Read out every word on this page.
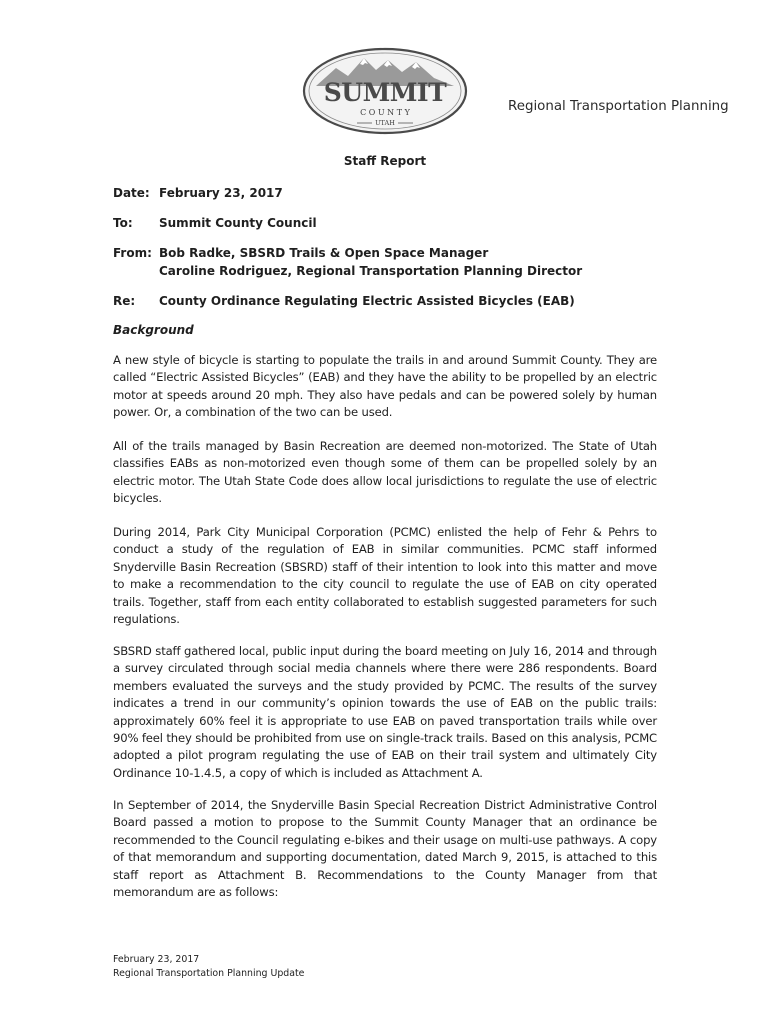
SUMMIT
C O U N T Y
UTAH
Regional Transportation Planning
Staff Report
Date: February 23, 2017
To: Summit County Council
From: Bob Radke, SBSRD Trails & Open Space Manager
Caroline Rodriguez, Regional Transportation Planning Director
Re: County Ordinance Regulating Electric Assisted Bicycles (EAB)
Background

A new style of bicycle is starting to populate the trails in and around Summit County. They are called “Electric Assisted Bicycles” (EAB) and they have the ability to be propelled by an electric motor at speeds around 20 mph. They also have pedals and can be powered solely by human power. Or, a combination of the two can be used.

All of the trails managed by Basin Recreation are deemed non-motorized. The State of Utah classifies EABs as non-motorized even though some of them can be propelled solely by an electric motor. The Utah State Code does allow local jurisdictions to regulate the use of electric bicycles.

During 2014, Park City Municipal Corporation (PCMC) enlisted the help of Fehr & Pehrs to conduct a study of the regulation of EAB in similar communities. PCMC staff informed Snyderville Basin Recreation (SBSRD) staff of their intention to look into this matter and move to make a recommendation to the city council to regulate the use of EAB on city operated trails. Together, staff from each entity collaborated to establish suggested parameters for such regulations.

SBSRD staff gathered local, public input during the board meeting on July 16, 2014 and through a survey circulated through social media channels where there were 286 respondents. Board members evaluated the surveys and the study provided by PCMC. The results of the survey indicates a trend in our community’s opinion towards the use of EAB on the public trails: approximately 60% feel it is appropriate to use EAB on paved transportation trails while over 90% feel they should be prohibited from use on single-track trails. Based on this analysis, PCMC adopted a pilot program regulating the use of EAB on their trail system and ultimately City Ordinance 10-1.4.5, a copy of which is included as Attachment A.

In September of 2014, the Snyderville Basin Special Recreation District Administrative Control Board passed a motion to propose to the Summit County Manager that an ordinance be recommended to the Council regulating e-bikes and their usage on multi-use pathways. A copy of that memorandum and supporting documentation, dated March 9, 2015, is attached to this staff report as Attachment B. Recommendations to the County Manager from that memorandum are as follows:

February 23, 2017
Regional Transportation Planning Update
